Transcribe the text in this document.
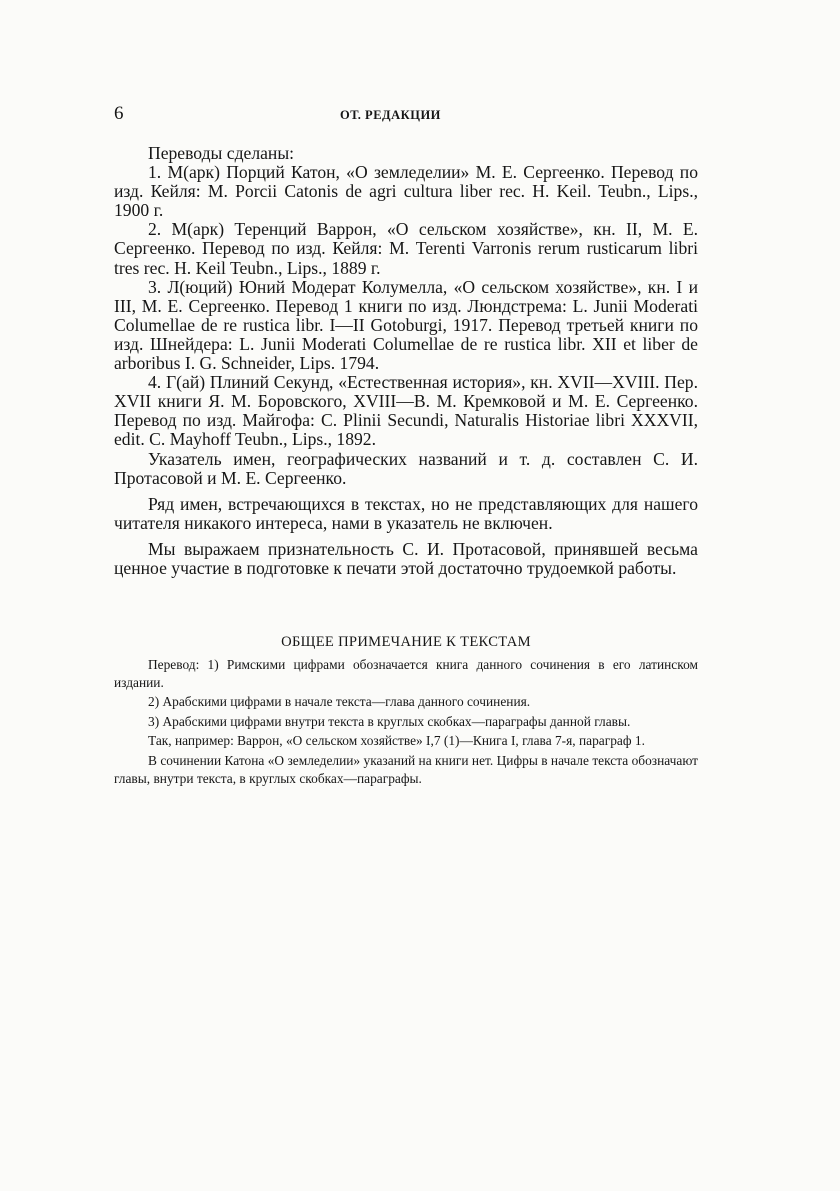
6	ОТ. РЕДАКЦИИ

Переводы сделаны:

1. М(арк) Порций Катон, «О земледелии» М. Е. Сергеенко. Перевод по изд. Кейля: М. Porcii Catonis de agri cultura liber rec. H. Keil. Teubn., Lips., 1900 г.

2. М(арк) Теренций Варрон, «О сельском хозяйстве», кн. II, М. Е. Сергеенко. Перевод по изд. Кейля: М. Terenti Varronis rerum rusticarum libri tres rec. H. Keil Teubn., Lips., 1889 г.

3. Л(юций) Юний Модерат Колумелла, «О сельском хозяйстве», кн. I и III, М. Е. Сергеенко. Перевод 1 книги по изд. Люндстрема: L. Junii Moderati Columellae de re rustica libr. I—II Gotoburgi, 1917. Перевод третьей книги по изд. Шнейдера: L. Junii Moderati Columellae de re rustica libr. XII et liber de arboribus I. G. Schneider, Lips. 1794.

4. Г(ай) Плиний Секунд, «Естественная история», кн. XVII—XVIII. Пер. XVII книги Я. М. Боровского, XVIII—В. М. Кремковой и М. Е. Сергеенко. Перевод по изд. Майгофа: C. Plinii Secundi, Naturalis Historiae libri XXXVII, edit. C. Mayhoff Teubn., Lips., 1892.

Указатель имен, географических названий и т. д. составлен С. И. Протасовой и М. Е. Сергеенко.

Ряд имен, встречающихся в текстах, но не представляющих для нашего читателя никакого интереса, нами в указатель не включен.

Мы выражаем признательность С. И. Протасовой, принявшей весьма ценное участие в подготовке к печати этой достаточно трудоемкой работы.

ОБЩЕЕ ПРИМЕЧАНИЕ К ТЕКСТАМ

Перевод: 1) Римскими цифрами обозначается книга данного сочинения в его латинском издании.

2) Арабскими цифрами в начале текста—глава данного сочинения.

3) Арабскими цифрами внутри текста в круглых скобках—параграфы данной главы.

Так, например: Варрон, «О сельском хозяйстве» I,7 (1)—Книга I, глава 7-я, параграф 1.

В сочинении Катона «О земледелии» указаний на книги нет. Цифры в начале текста обозначают главы, внутри текста, в круглых скобках—параграфы.
